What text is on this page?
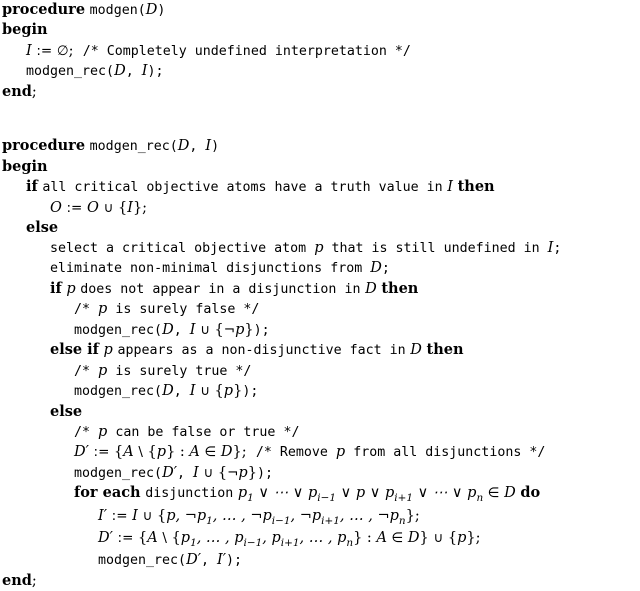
procedure modgen(D)
begin
I := ∅;  /* Completely undefined interpretation */
modgen_rec(D, I);
end;
procedure modgen_rec(D, I)
begin
if all critical objective atoms have a truth value in I then
O := O ∪ {I};
else
select a critical objective atom p that is still undefined in I;
eliminate non-minimal disjunctions from D;
if p does not appear in a disjunction in D then
/* p is surely false */
modgen_rec(D, I ∪ {¬p});
else if p appears as a non-disjunctive fact in D then
/* p is surely true */
modgen_rec(D, I ∪ {p});
else
/* p can be false or true */
D′ := {A \ {p} : A ∈ D};  /* Remove p from all disjunctions */
modgen_rec(D′, I ∪ {¬p});
for each disjunction $p_1$ ∨ ⋯ ∨ $p_{i-1}$ ∨ p ∨ $p_{i+1}$ ∨ ⋯ ∨ $p_n$ ∈ D do
I′ := I ∪ {p, $\neg p_1$, … , $\neg p_{i-1}$, $\neg p_{i+1}$, … , $\neg p_n$};
D′ := {A \ {$p_1$, … , $p_{i-1}$, $p_{i+1}$, … , $p_n$} : A ∈ D} ∪ {p};
modgen_rec(D′, I′);
end;
